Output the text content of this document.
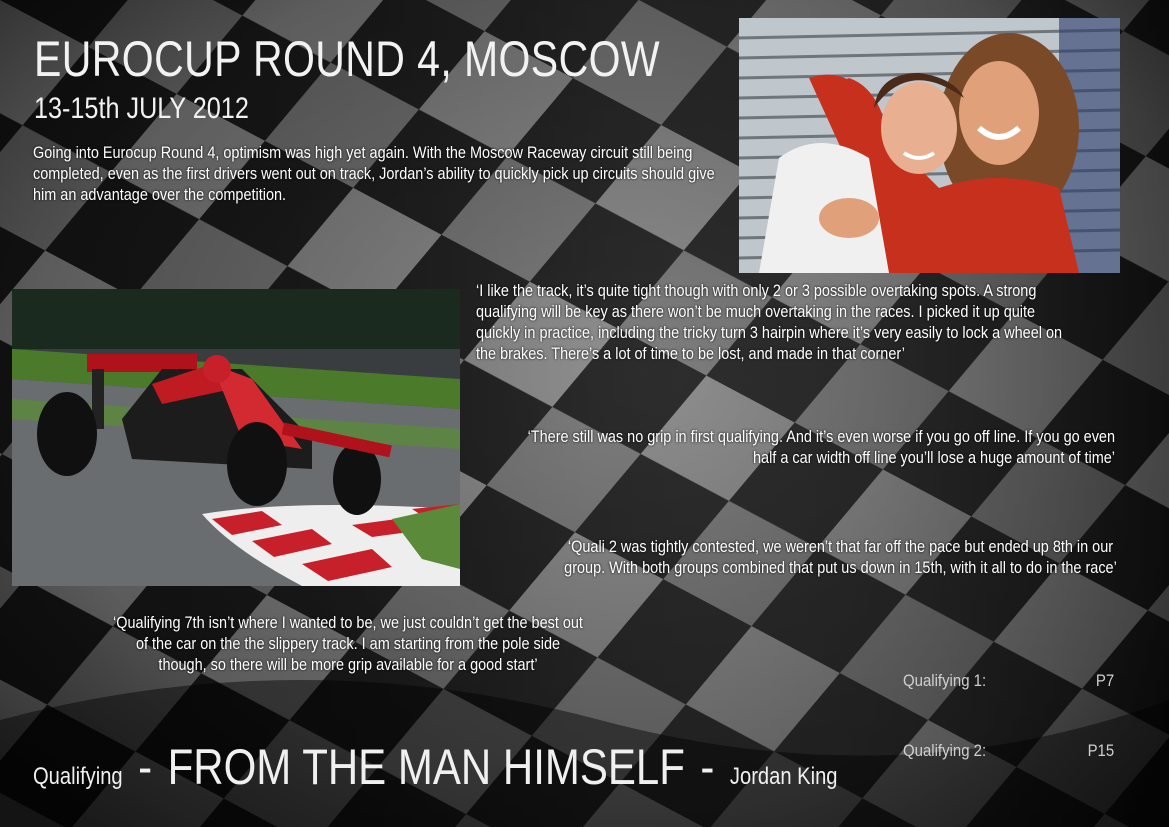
EUROCUP ROUND 4, MOSCOW
13-15th JULY 2012
Going into Eurocup Round 4, optimism was high yet again. With the Moscow Raceway circuit still being completed, even as the first drivers went out on track, Jordan’s ability to quickly pick up circuits should give him an advantage over the competition.
‘I like the track, it’s quite tight though with only 2 or 3 possible overtaking spots. A strong qualifying will be key as there won’t be much overtaking in the races. I picked it up quite quickly in practice, including the tricky turn 3 hairpin where it’s very easily to lock a wheel on the brakes. There’s a lot of time to be lost, and made in that corner’
‘There still was no grip in first qualifying. And it’s even worse if you go off line. If you go even half a car width off line you’ll lose a huge amount of time’
‘Quali 2 was tightly contested, we weren’t that far off the pace but ended up 8th in our group. With both groups combined that put us down in 15th, with it all to do in the race’
‘Qualifying 7th isn’t where I wanted to be, we just couldn’t get the best out of the car on the the slippery track. I am starting from the pole side though, so there will be more grip available for a good start’
Qualifying 1:	P7
Qualifying 2:	P15
Qualifying - FROM THE MAN HIMSELF - Jordan King
